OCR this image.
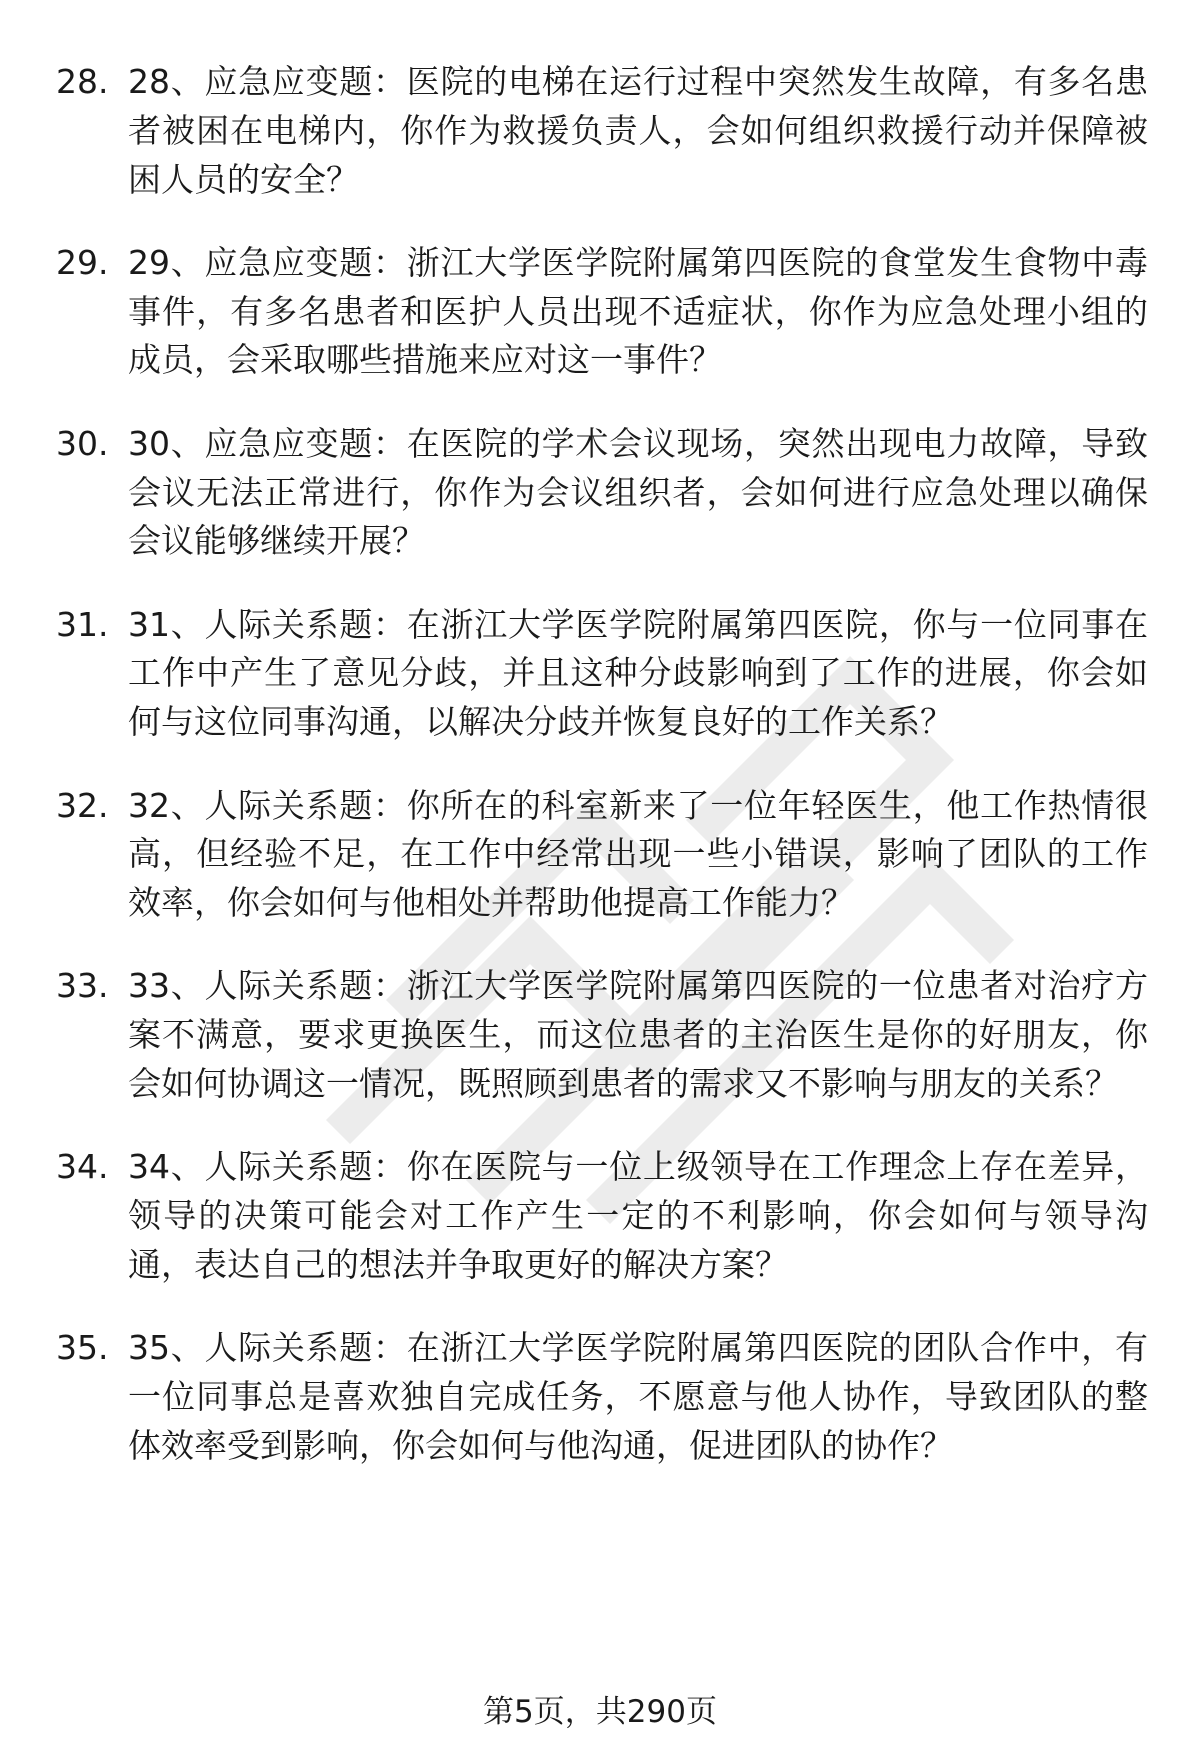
28. 28、应急应变题：医院的电梯在运行过程中突然发生故障，有多名患者被困在电梯内，你作为救援负责人，会如何组织救援行动并保障被困人员的安全？
29. 29、应急应变题：浙江大学医学院附属第四医院的食堂发生食物中毒事件，有多名患者和医护人员出现不适症状，你作为应急处理小组的成员，会采取哪些措施来应对这一事件？
30. 30、应急应变题：在医院的学术会议现场，突然出现电力故障，导致会议无法正常进行，你作为会议组织者，会如何进行应急处理以确保会议能够继续开展？
31. 31、人际关系题：在浙江大学医学院附属第四医院，你与一位同事在工作中产生了意见分歧，并且这种分歧影响到了工作的进展，你会如何与这位同事沟通，以解决分歧并恢复良好的工作关系？
32. 32、人际关系题：你所在的科室新来了一位年轻医生，他工作热情很高，但经验不足，在工作中经常出现一些小错误，影响了团队的工作效率，你会如何与他相处并帮助他提高工作能力？
33. 33、人际关系题：浙江大学医学院附属第四医院的一位患者对治疗方案不满意，要求更换医生，而这位患者的主治医生是你的好朋友，你会如何协调这一情况，既照顾到患者的需求又不影响与朋友的关系？
34. 34、人际关系题：你在医院与一位上级领导在工作理念上存在差异，领导的决策可能会对工作产生一定的不利影响，你会如何与领导沟通，表达自己的想法并争取更好的解决方案？
35. 35、人际关系题：在浙江大学医学院附属第四医院的团队合作中，有一位同事总是喜欢独自完成任务，不愿意与他人协作，导致团队的整体效率受到影响，你会如何与他沟通，促进团队的协作？
第5页，共290页
